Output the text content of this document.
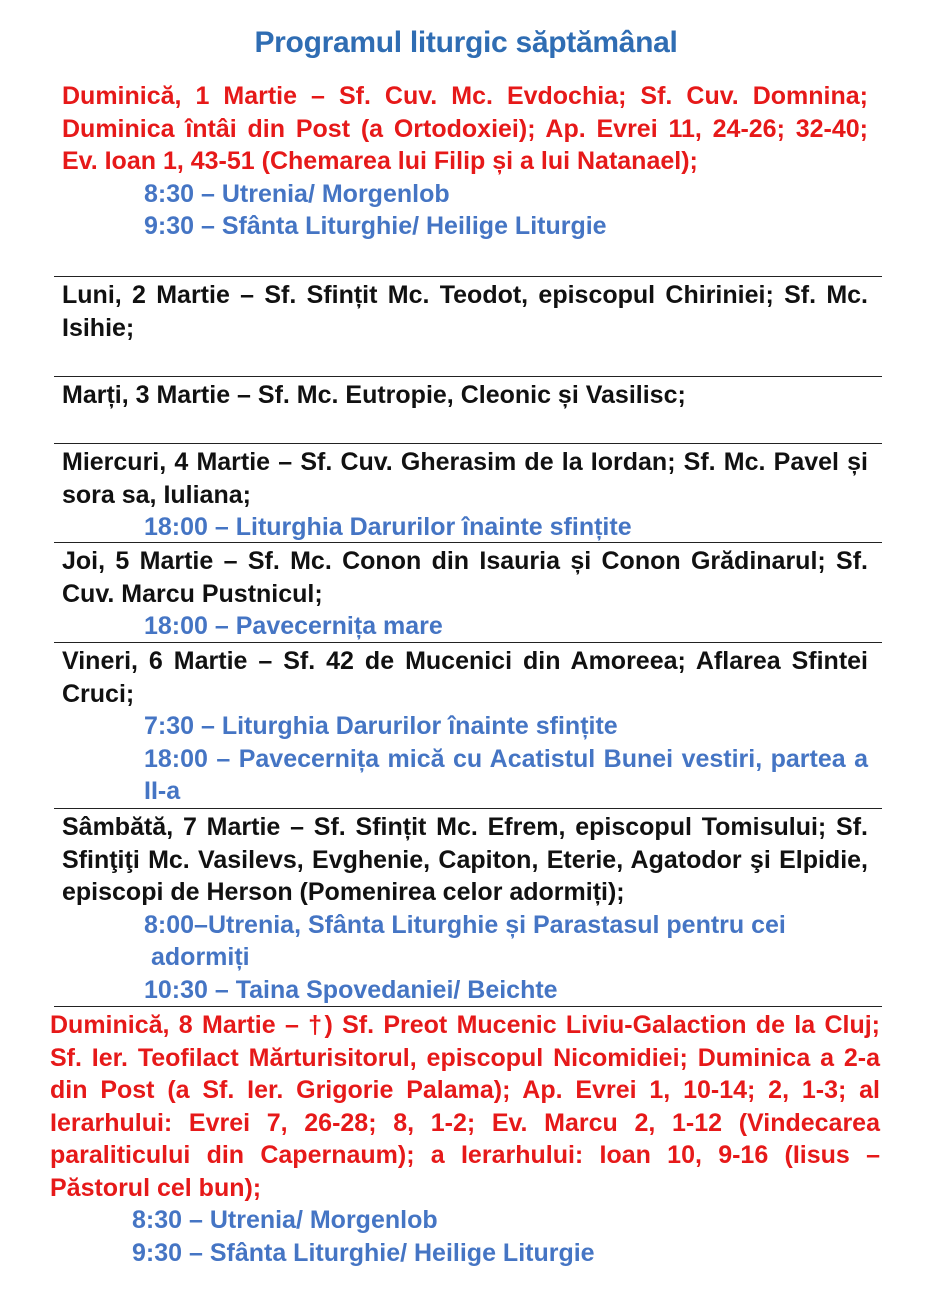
Programul liturgic săptămânal

Duminică, 1 Martie – Sf. Cuv. Mc. Evdochia; Sf. Cuv. Domnina; Duminica întâi din Post (a Ortodoxiei); Ap. Evrei 11, 24-26; 32-40; Ev. Ioan 1, 43-51 (Chemarea lui Filip și a lui Natanael);

8:30 – Utrenia/ Morgenlob
9:30 – Sfânta Liturghie/ Heilige Liturgie

Luni, 2 Martie – Sf. Sfințit Mc. Teodot, episcopul Chiriniei; Sf. Mc. Isihie;

Marți, 3 Martie – Sf. Mc. Eutropie, Cleonic și Vasilisc;

Miercuri, 4 Martie – Sf. Cuv. Gherasim de la Iordan; Sf. Mc. Pavel și sora sa, Iuliana;

18:00 – Liturghia Darurilor înainte sfințite

Joi, 5 Martie – Sf. Mc. Conon din Isauria și Conon Grădinarul; Sf. Cuv. Marcu Pustnicul;

18:00 – Pavecernița mare

Vineri, 6 Martie – Sf. 42 de Mucenici din Amoreea; Aflarea Sfintei Cruci;

7:30 – Liturghia Darurilor înainte sfințite
18:00 – Pavecernița mică cu Acatistul Bunei vestiri, partea a II-a

Sâmbătă, 7 Martie – Sf. Sfințit Mc. Efrem, episcopul Tomisului; Sf. Sfinţiţi Mc. Vasilevs, Evghenie, Capiton, Eterie, Agatodor şi Elpidie, episcopi de Herson (Pomenirea celor adormiți);

8:00–Utrenia, Sfânta Liturghie și Parastasul pentru cei
adormiți
10:30 – Taina Spovedaniei/ Beichte

Duminică, 8 Martie – †) Sf. Preot Mucenic Liviu-Galaction de la Cluj; Sf. Ier. Teofilact Mărturisitorul, episcopul Nicomidiei; Duminica a 2-a din Post (a Sf. Ier. Grigorie Palama); Ap. Evrei 1, 10-14; 2, 1-3; al Ierarhului: Evrei 7, 26-28; 8, 1-2; Ev. Marcu 2, 1-12 (Vindecarea paraliticului din Capernaum); a Ierarhului: Ioan 10, 9-16 (Iisus – Păstorul cel bun);

8:30 – Utrenia/ Morgenlob
9:30 – Sfânta Liturghie/ Heilige Liturgie
